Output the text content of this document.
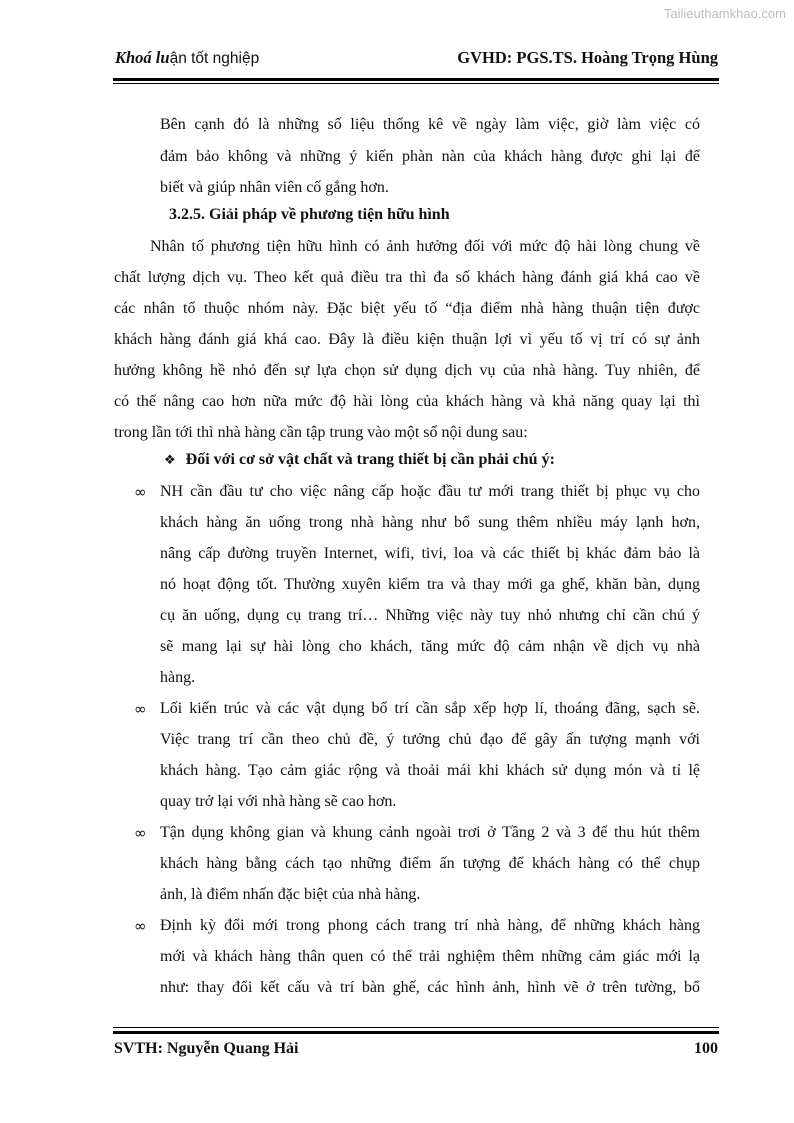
Tailieuthamkhao.com
Khoá luận tốt nghiệp	GVHD: PGS.TS. Hoàng Trọng Hùng
Bên cạnh đó là những số liệu thống kê về ngày làm việc, giờ làm việc có
đảm bảo không và những ý kiến phàn nàn của khách hàng được ghi lại để
biết và giúp nhân viên cố gắng hơn.
3.2.5. Giải pháp về phương tiện hữu hình
Nhân tố phương tiện hữu hình có ảnh hưởng đối với mức độ hài lòng chung về
chất lượng dịch vụ. Theo kết quả điều tra thì đa số khách hàng đánh giá khá cao về
các nhân tố thuộc nhóm này. Đặc biệt yếu tố “địa điểm nhà hàng thuận tiện được
khách hàng đánh giá khá cao. Đây là điều kiện thuận lợi vì yếu tố vị trí có sự ảnh
hưởng không hề nhỏ đến sự lựa chọn sử dụng dịch vụ của nhà hàng. Tuy nhiên, để
có thể nâng cao hơn nữa mức độ hài lòng của khách hàng và khả năng quay lại thì
trong lần tới thì nhà hàng cần tập trung vào một số nội dung sau:
❖ Đối với cơ sở vật chất và trang thiết bị cần phải chú ý:
∞ NH cần đầu tư cho việc nâng cấp hoặc đầu tư mới trang thiết bị phục vụ cho
khách hàng ăn uống trong nhà hàng như bổ sung thêm nhiều máy lạnh hơn,
nâng cấp đường truyền Internet, wifi, tivi, loa và các thiết bị khác đảm bảo là
nó hoạt động tốt. Thường xuyên kiểm tra và thay mới ga ghế, khăn bàn, dụng
cụ ăn uống, dụng cụ trang trí… Những việc này tuy nhỏ nhưng chỉ cần chú ý
sẽ mang lại sự hài lòng cho khách, tăng mức độ cảm nhận về dịch vụ nhà
hàng.
∞ Lối kiến trúc và các vật dụng bố trí cần sắp xếp hợp lí, thoáng đãng, sạch sẽ.
Việc trang trí cần theo chủ đề, ý tưởng chủ đạo để gây ấn tượng mạnh với
khách hàng. Tạo cảm giác rộng và thoải mái khi khách sử dụng món và tỉ lệ
quay trở lại với nhà hàng sẽ cao hơn.
∞ Tận dụng không gian và khung cảnh ngoài trơi ở Tầng 2 và 3 để thu hút thêm
khách hàng bằng cách tạo những điểm ấn tượng để khách hàng có thể chụp
ảnh, là điểm nhấn đặc biệt của nhà hàng.
∞ Định kỳ đổi mới trong phong cách trang trí nhà hàng, để những khách hàng
mới và khách hàng thân quen có thể trải nghiệm thêm những cảm giác mới lạ
như: thay đổi kết cấu và trí bàn ghế, các hình ảnh, hình vẽ ở trên tường, bổ
SVTH: Nguyễn Quang Hải	100
